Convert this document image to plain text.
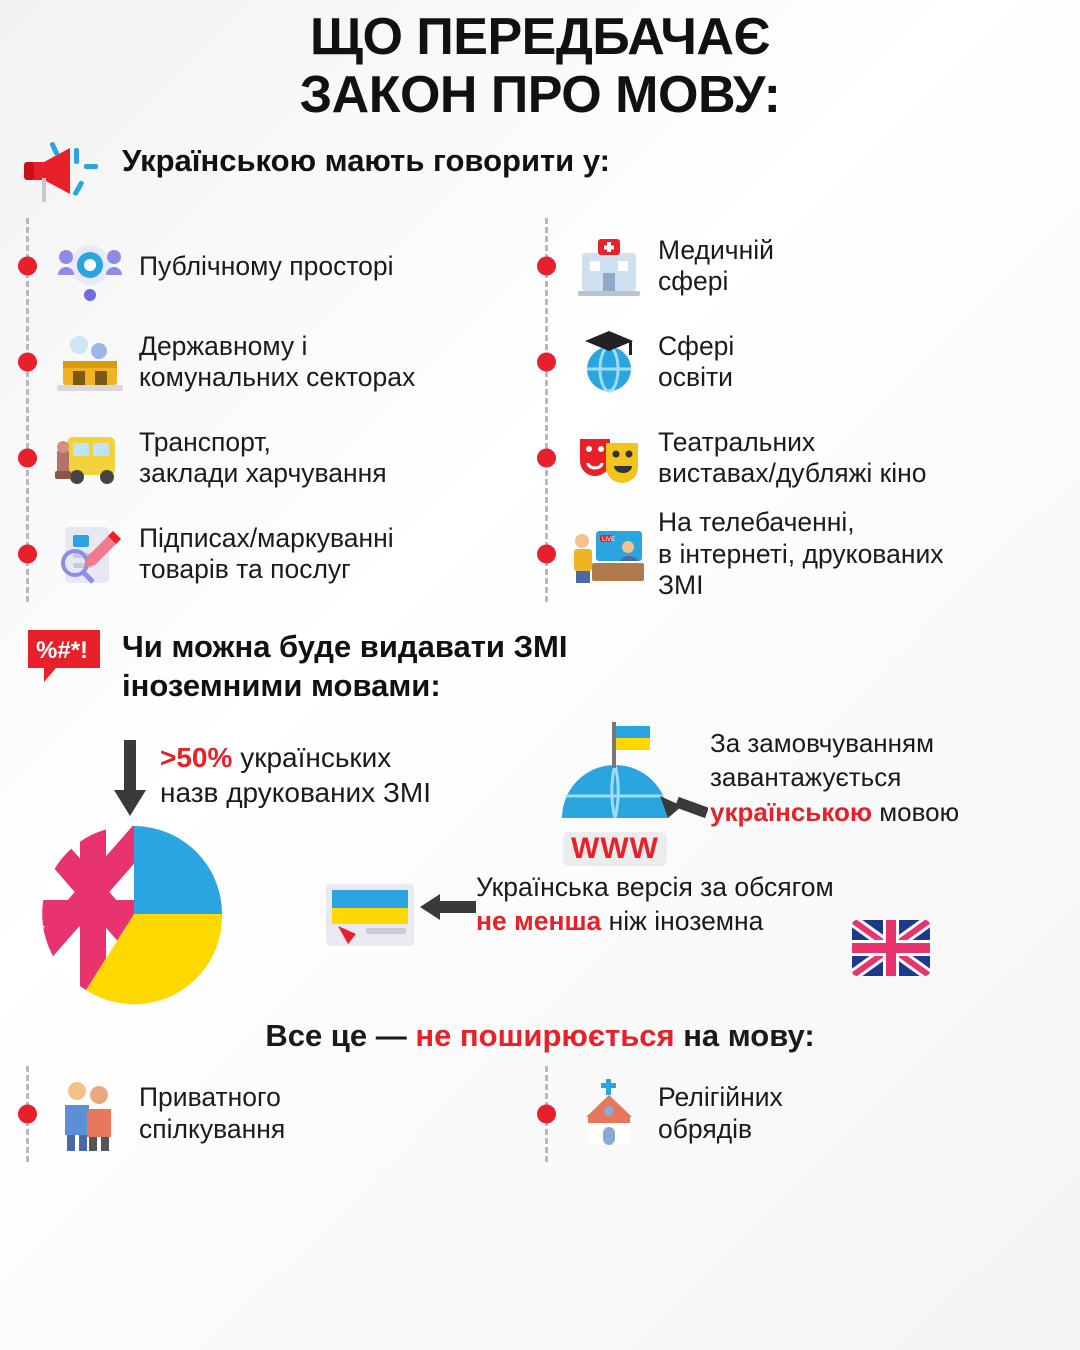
ЩО ПЕРЕДБАЧАЄ
ЗАКОН ПРО МОВУ:
Українською мають говорити у:
Публічному просторі
Державному і
комунальних секторах
Транспорт,
заклади харчування
Підписах/маркуванні
товарів та послуг
Медичній
сфері
Сфері
освіти
Театральних
виставах/дубляжі кіно
LIVE
На телебаченні,
в інтернеті, друкованих
ЗМІ
%#*! Чи можна буде видавати ЗМІ
іноземними мовами:
>50% українських
назв друкованих ЗМІ
WWW
За замовчуванням
завантажується
українською мовою
Українська версія за обсягом
не менша ніж іноземна
Все це — не поширюється на мову:
Приватного
спілкування
Релігійних
обрядів
